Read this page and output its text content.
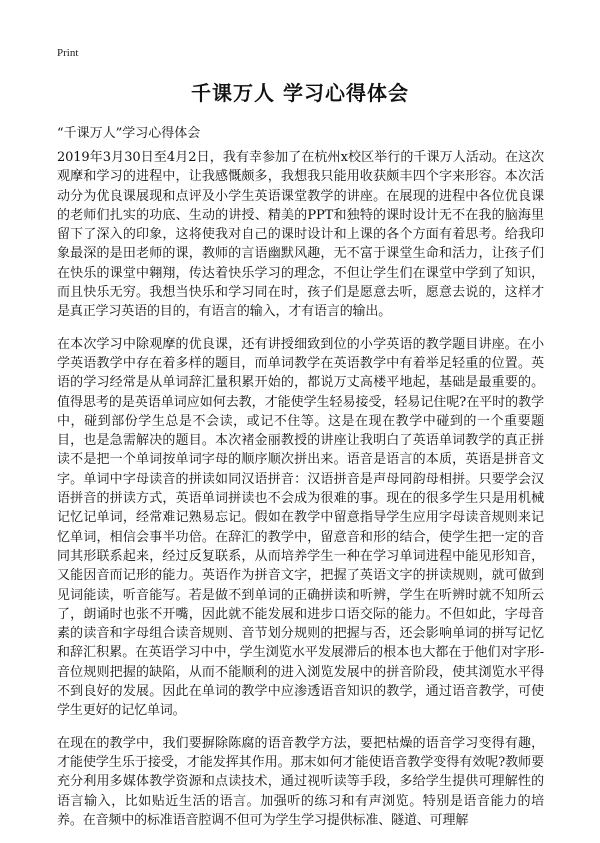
Print
千课万人 学习心得体会
“千课万人”学习心得体会

2019年3月30日至4月2日，我有幸参加了在杭州x校区举行的千课万人活动。在这次观摩和学习的进程中，让我感慨颇多，我想我只能用收获颇丰四个字来形容。本次活动分为优良课展现和点评及小学生英语课堂教学的讲座。在展现的进程中各位优良课的老师们扎实的功底、生动的讲授、精美的PPT和独特的课时设计无不在我的脑海里留下了深入的印象，这将使我对自己的课时设计和上课的各个方面有着思考。给我印象最深的是田老师的课，教师的言语幽默风趣，无不富于课堂生命和活力，让孩子们在快乐的课堂中翱翔，传达着快乐学习的理念，不但让学生们在课堂中学到了知识，而且快乐无穷。我想当快乐和学习同在时，孩子们是愿意去听，愿意去说的，这样才是真正学习英语的目的，有语言的输入，才有语言的输出。

在本次学习中除观摩的优良课，还有讲授细致到位的小学英语的教学题目讲座。在小学英语教学中存在着多样的题目，而单词教学在英语教学中有着举足轻重的位置。英语的学习经常是从单词辞汇量积累开始的，都说万丈高楼平地起，基础是最重要的。值得思考的是英语单词应如何去教，才能使学生轻易接受，轻易记住呢?在平时的教学中，碰到部份学生总是不会读，或记不住等。这是在现在教学中碰到的一个重要题目，也是急需解决的题目。本次褚金丽教授的讲座让我明白了英语单词教学的真正拼读不是把一个单词按单词字母的顺序顺次拼出来。语音是语言的本质，英语是拼音文字。单词中字母读音的拼读如同汉语拼音：汉语拼音是声母同韵母相拼。只要学会汉语拼音的拼读方式，英语单词拼读也不会成为很难的事。现在的很多学生只是用机械记忆记单词，经常难记熟易忘记。假如在教学中留意指导学生应用字母读音规则来记忆单词，相信会事半功倍。在辞汇的教学中，留意音和形的结合，使学生把一定的音同其形联系起来，经过反复联系，从而培养学生一种在学习单词进程中能见形知音，又能因音而记形的能力。英语作为拼音文字，把握了英语文字的拼读规则，就可做到见词能读，听音能写。若是做不到单词的正确拼读和听辨，学生在听辨时就不知所云了，朗诵时也张不开嘴，因此就不能发展和进步口语交际的能力。不但如此，字母音素的读音和字母组合读音规则、音节划分规则的把握与否，还会影响单词的拼写记忆和辞汇积累。在英语学习中中，学生浏览水平发展滞后的根本也大都在于他们对字形-音位规则把握的缺陷，从而不能顺利的进入浏览发展中的拼音阶段，使其浏览水平得不到良好的发展。因此在单词的教学中应渗透语音知识的教学，通过语音教学，可使学生更好的记忆单词。

在现在的教学中，我们要摒除陈腐的语音教学方法，要把枯燥的语音学习变得有趣，才能使学生乐于接受，才能发挥其作用。那末如何才能使语音教学变得有效呢?教师要充分利用多媒体教学资源和点读技术，通过视听读等手段，多给学生提供可理解性的语言输入，比如贴近生活的语言。加强听的练习和有声浏览。特别是语音能力的培养。在音频中的标准语音腔调不但可为学生学习提供标准、隧道、可理解
